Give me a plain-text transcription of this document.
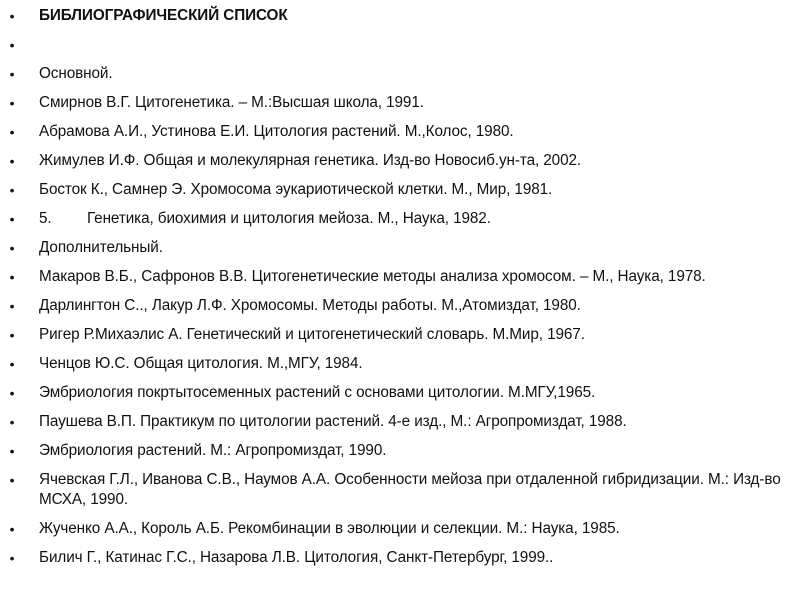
• БИБЛИОГРАФИЧЕСКИЙ СПИСОК
•
• Основной.
• Смирнов В.Г. Цитогенетика. – М.:Высшая школа, 1991.
• Абрамова А.И., Устинова Е.И. Цитология растений. М.,Колос, 1980.
• Жимулев И.Ф. Общая и молекулярная генетика. Изд-во Новосиб.ун-та, 2002.
• Босток К., Самнер Э. Хромосома эукариотической клетки. М., Мир, 1981.
• 5. Генетика, биохимия и цитология мейоза. М., Наука, 1982.
• Дополнительный.
• Макаров В.Б., Сафронов В.В. Цитогенетические методы анализа хромосом. – М., Наука, 1978.
• Дарлингтон С.., Лакур Л.Ф. Хромосомы. Методы работы. М.,Атомиздат, 1980.
• Ригер Р.Михаэлис А. Генетический и цитогенетический словарь. М.Мир, 1967.
• Ченцов Ю.С. Общая цитология. М.,МГУ, 1984.
• Эмбриология покртытосеменных растений с основами цитологии. М.МГУ,1965.
• Паушева В.П. Практикум по цитологии растений. 4-е изд., М.: Агропромиздат, 1988.
• Эмбриология растений. М.: Агропромиздат, 1990.
• Ячевская Г.Л., Иванова С.В., Наумов А.А. Особенности мейоза при отдаленной гибридизации. М.: Изд-во МСХА, 1990.
• Жученко А.А., Король А.Б. Рекомбинации в эволюции и селекции. М.: Наука, 1985.
• Билич Г., Катинас Г.С., Назарова Л.В. Цитология, Санкт-Петербург, 1999..
